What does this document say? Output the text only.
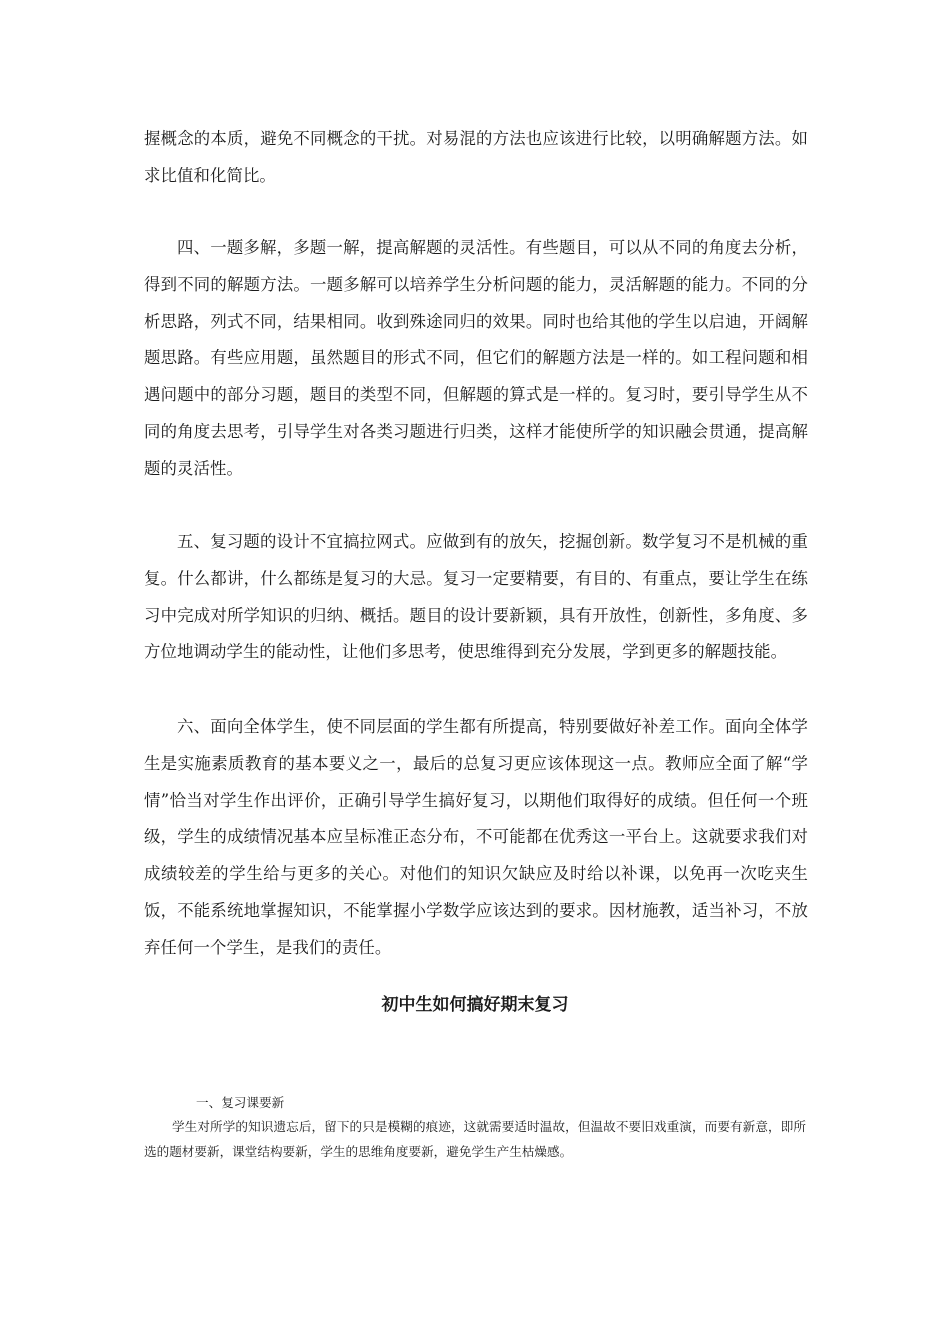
握概念的本质，避免不同概念的干扰。对易混的方法也应该进行比较，以明确解题方法。如求比值和化简比。

四、一题多解，多题一解，提高解题的灵活性。有些题目，可以从不同的角度去分析，得到不同的解题方法。一题多解可以培养学生分析问题的能力，灵活解题的能力。不同的分析思路，列式不同，结果相同。收到殊途同归的效果。同时也给其他的学生以启迪，开阔解题思路。有些应用题，虽然题目的形式不同，但它们的解题方法是一样的。如工程问题和相遇问题中的部分习题，题目的类型不同，但解题的算式是一样的。复习时，要引导学生从不同的角度去思考，引导学生对各类习题进行归类，这样才能使所学的知识融会贯通，提高解题的灵活性。

五、复习题的设计不宜搞拉网式。应做到有的放矢，挖掘创新。数学复习不是机械的重复。什么都讲，什么都练是复习的大忌。复习一定要精要，有目的、有重点，要让学生在练习中完成对所学知识的归纳、概括。题目的设计要新颖，具有开放性，创新性，多角度、多方位地调动学生的能动性，让他们多思考，使思维得到充分发展，学到更多的解题技能。

六、面向全体学生，使不同层面的学生都有所提高，特别要做好补差工作。面向全体学生是实施素质教育的基本要义之一，最后的总复习更应该体现这一点。教师应全面了解“学情”恰当对学生作出评价，正确引导学生搞好复习，以期他们取得好的成绩。但任何一个班级，学生的成绩情况基本应呈标准正态分布，不可能都在优秀这一平台上。这就要求我们对成绩较差的学生给与更多的关心。对他们的知识欠缺应及时给以补课，以免再一次吃夹生饭，不能系统地掌握知识，不能掌握小学数学应该达到的要求。因材施教，适当补习，不放弃任何一个学生，是我们的责任。

初中生如何搞好期末复习

一、复习课要新

学生对所学的知识遗忘后，留下的只是模糊的痕迹，这就需要适时温故，但温故不要旧戏重演，而要有新意，即所选的题材要新，课堂结构要新，学生的思维角度要新，避免学生产生枯燥感。
